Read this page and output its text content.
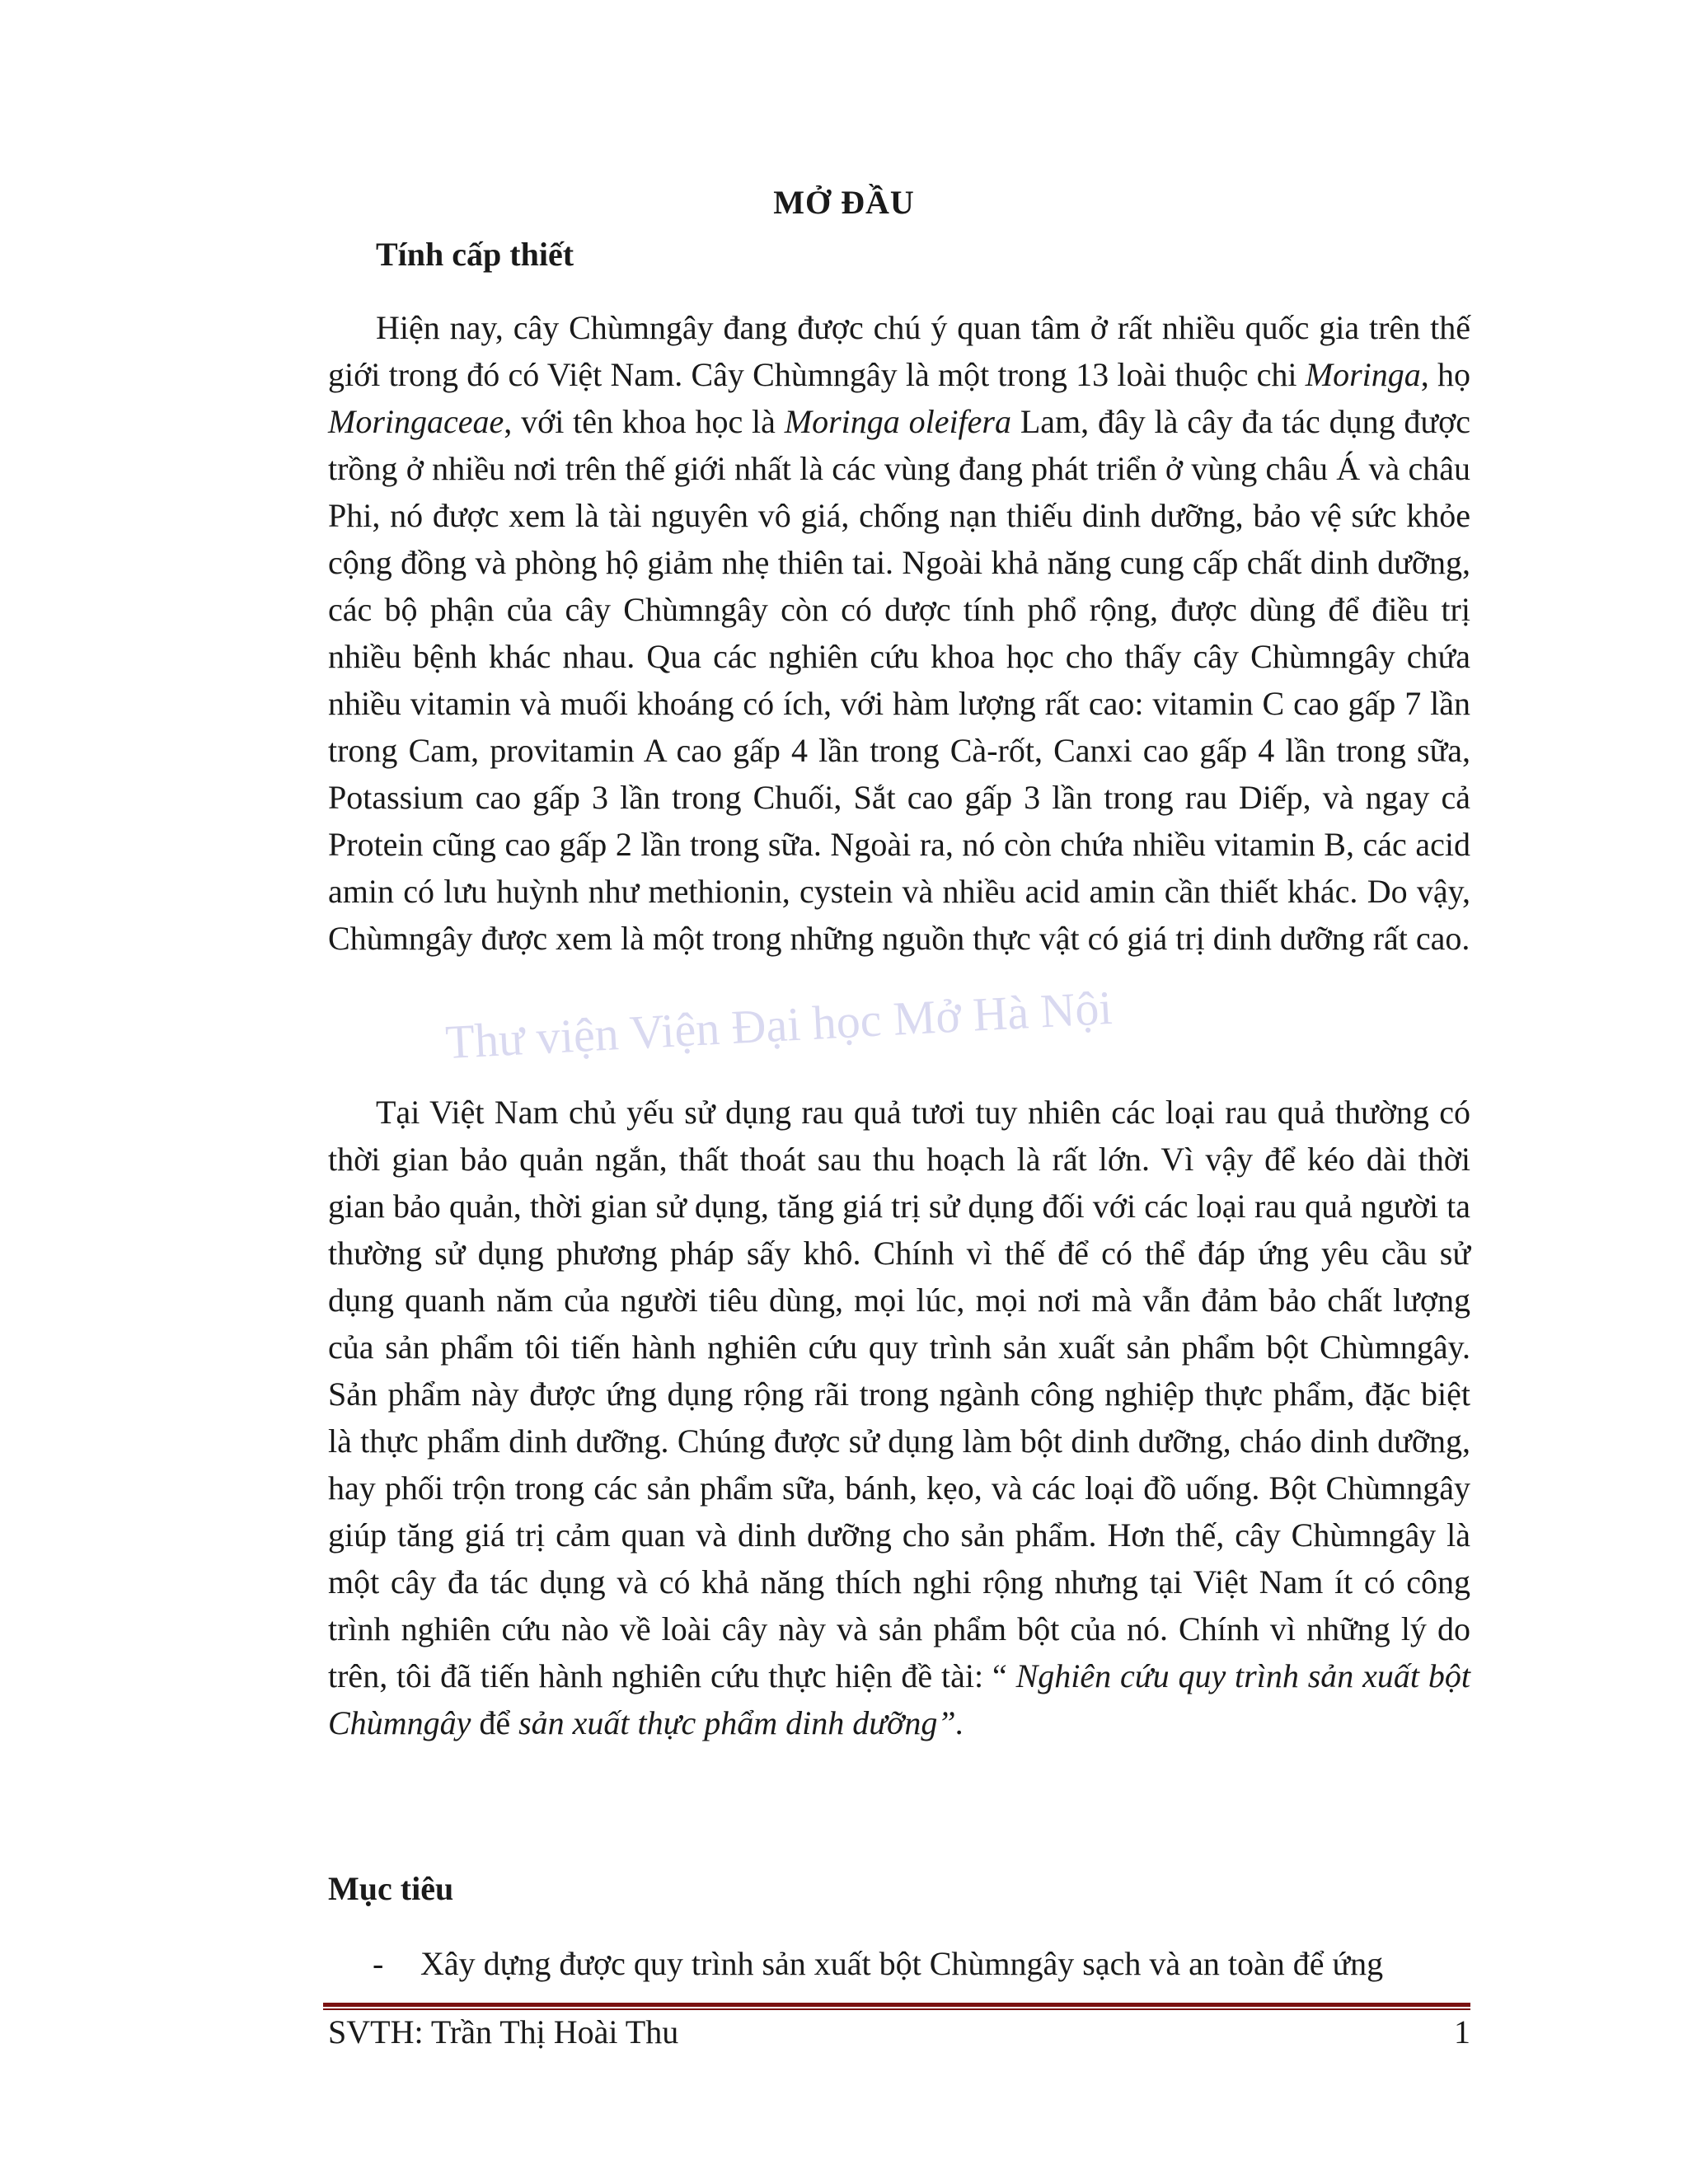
Thư viện Viện Đại học Mở Hà Nội
MỞ ĐẦU
Tính cấp thiết

Hiện nay, cây Chùmngây đang được chú ý quan tâm ở rất nhiều quốc gia trên thế giới trong đó có Việt Nam. Cây Chùmngây là một trong 13 loài thuộc chi Moringa, họ Moringaceae, với tên khoa học là Moringa oleifera Lam, đây là cây đa tác dụng được trồng ở nhiều nơi trên thế giới nhất là các vùng đang phát triển ở vùng châu Á và châu Phi, nó được xem là tài nguyên vô giá, chống nạn thiếu dinh dưỡng, bảo vệ sức khỏe cộng đồng và phòng hộ giảm nhẹ thiên tai. Ngoài khả năng cung cấp chất dinh dưỡng, các bộ phận của cây Chùmngây còn có dược tính phổ rộng, được dùng để điều trị nhiều bệnh khác nhau. Qua các nghiên cứu khoa học cho thấy cây Chùmngây chứa nhiều vitamin và muối khoáng có ích, với hàm lượng rất cao: vitamin C cao gấp 7 lần trong Cam, provitamin A cao gấp 4 lần trong Cà-rốt, Canxi cao gấp 4 lần trong sữa, Potassium cao gấp 3 lần trong Chuối, Sắt cao gấp 3 lần trong rau Diếp, và ngay cả Protein cũng cao gấp 2 lần trong sữa. Ngoài ra, nó còn chứa nhiều vitamin B, các acid amin có lưu huỳnh như methionin, cystein và nhiều acid amin cần thiết khác. Do vậy, Chùmngây được xem là một trong những nguồn thực vật có giá trị dinh dưỡng rất cao.

Tại Việt Nam chủ yếu sử dụng rau quả tươi tuy nhiên các loại rau quả thường có thời gian bảo quản ngắn, thất thoát sau thu hoạch là rất lớn. Vì vậy để kéo dài thời gian bảo quản, thời gian sử dụng, tăng giá trị sử dụng đối với các loại rau quả người ta thường sử dụng phương pháp sấy khô. Chính vì thế để có thể đáp ứng yêu cầu sử dụng quanh năm của người tiêu dùng, mọi lúc, mọi nơi mà vẫn đảm bảo chất lượng của sản phẩm tôi tiến hành nghiên cứu quy trình sản xuất sản phẩm bột Chùmngây. Sản phẩm này được ứng dụng rộng rãi trong ngành công nghiệp thực phẩm, đặc biệt là thực phẩm dinh dưỡng. Chúng được sử dụng làm bột dinh dưỡng, cháo dinh dưỡng, hay phối trộn trong các sản phẩm sữa, bánh, kẹo, và các loại đồ uống. Bột Chùmngây giúp tăng giá trị cảm quan và dinh dưỡng cho sản phẩm. Hơn thế, cây Chùmngây là một cây đa tác dụng và có khả năng thích nghi rộng nhưng tại Việt Nam ít có công trình nghiên cứu nào về loài cây này và sản phẩm bột của nó. Chính vì những lý do trên, tôi đã tiến hành nghiên cứu thực hiện đề tài: “ Nghiên cứu quy trình sản xuất bột Chùmngây để sản xuất thực phẩm dinh dưỡng”.

Mục tiêu

- Xây dựng được quy trình sản xuất bột Chùmngây sạch và an toàn để ứng

SVTH: Trần Thị Hoài Thu	1
